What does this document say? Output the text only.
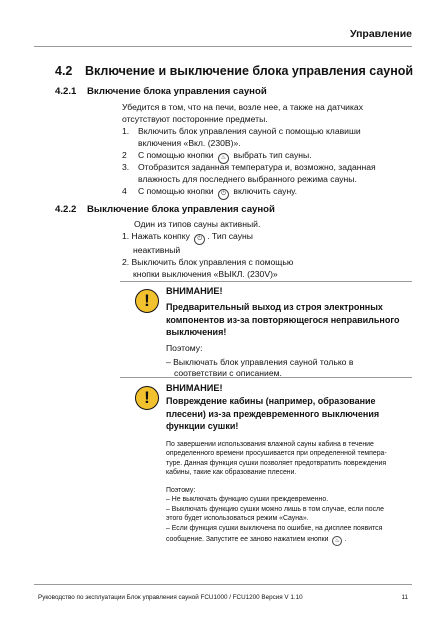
Управление
4.2 Включение и выключение блока управления сауной
4.2.1 Включение блока управления сауной
Убедится в том, что на печи, возле нее, а также на датчиках
отсутствуют посторонние предметы.
1. Включить блок управления сауной с помощью клавиши
включения «Вкл. (230В)».
2 С помощью кнопки ♨ выбрать тип сауны.
3. Отобразится заданная температура и, возможно, заданная
влажность для последнего выбранного режима сауны.
4 С помощью кнопки ⏻ включить сауну.
4.2.2 Выключение блока управления сауной
Один из типов сауны активный.
1. Нажать конпку ⏻ . Тип сауны
неактивный
2. Выключить блок управления с помощью
кнопки выключения «ВЫКЛ. (230V)»
!	ВНИМАНИЕ!
Предварительный выход из строя электронных
компонентов из-за повторяющегося неправильного
выключения!
Поэтому:
– Выключать блок управления сауной только в
соответствии с описанием.
!	ВНИМАНИЕ!
Повреждение кабины (например, образование
плесени) из-за преждевременного выключения
функции сушки!
По завершении использования влажной сауны кабина в течение
определенного времени просушивается при определенной темпера-
туре. Данная функция сушки позволяет предотвратить повреждения
кабины, такие как образование плесени.
Поэтому:
– Не выключать функцию сушки преждевременно.
– Выключать функцию сушки можно лишь в том случае, если после
этого будет использоваться режим «Сауна».
– Если функция сушки выключена по ошибке, на дисплее появится
сообщение. Запустите ее заново нажатием кнопки ♨ .
Руководство по эксплуатации Блок управления сауной FCU1000 / FCU1200 Версия V 1.10	11
